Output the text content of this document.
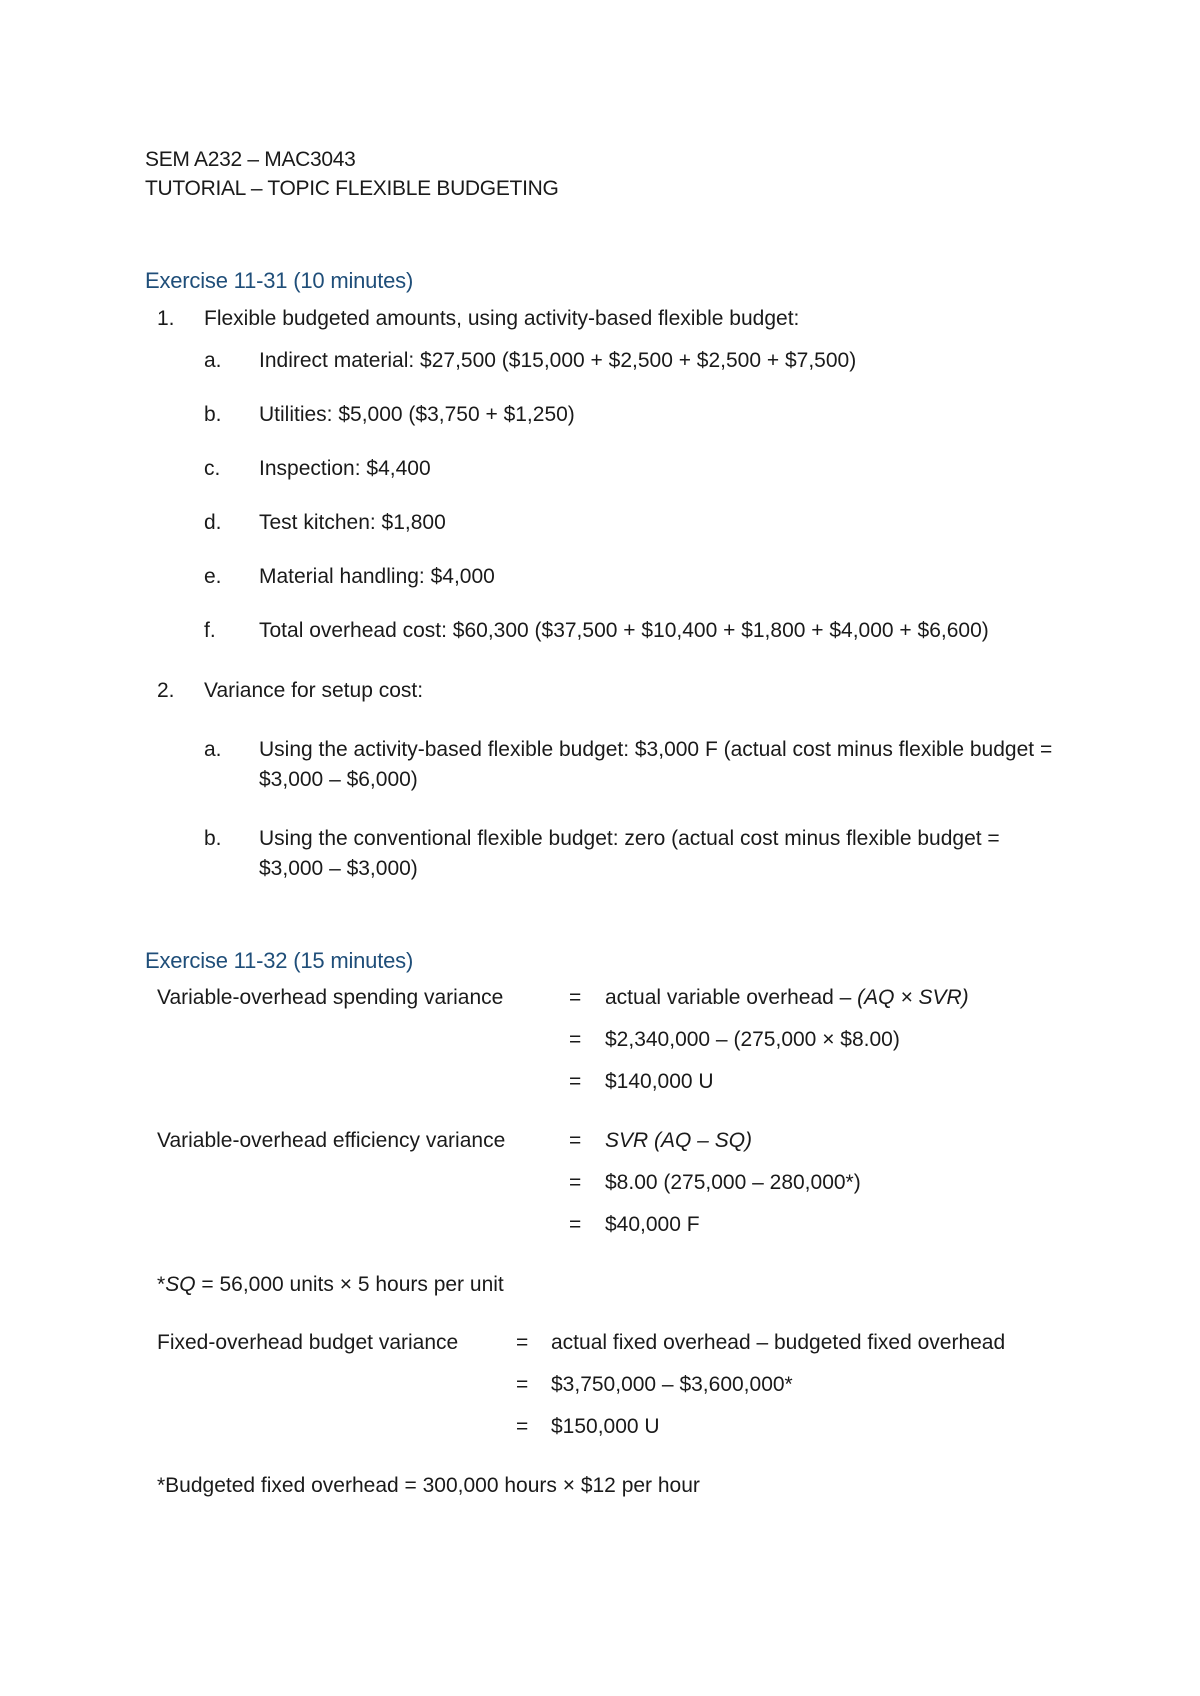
SEM A232 – MAC3043
TUTORIAL – TOPIC FLEXIBLE BUDGETING
Exercise 11-31 (10 minutes)
1. Flexible budgeted amounts, using activity-based flexible budget:
a. Indirect material: $27,500 ($15,000 + $2,500 + $2,500 + $7,500)
b. Utilities: $5,000 ($3,750 + $1,250)
c. Inspection: $4,400
d. Test kitchen: $1,800
e. Material handling: $4,000
f. Total overhead cost: $60,300 ($37,500 + $10,400 + $1,800 + $4,000 + $6,600)
2. Variance for setup cost:
a. Using the activity-based flexible budget: $3,000 F (actual cost minus flexible budget =
$3,000 – $6,000)
b. Using the conventional flexible budget: zero (actual cost minus flexible budget =
$3,000 – $3,000)
Exercise 11-32 (15 minutes)
Variable-overhead spending variance	= actual variable overhead – (AQ × SVR)
= $2,340,000 – (275,000 × $8.00)
= $140,000 U
Variable-overhead efficiency variance	= SVR (AQ – SQ)
= $8.00 (275,000 – 280,000*)
= $40,000 F
*SQ = 56,000 units × 5 hours per unit
Fixed-overhead budget variance	= actual fixed overhead – budgeted fixed overhead
= $3,750,000 – $3,600,000*
= $150,000 U
*Budgeted fixed overhead = 300,000 hours × $12 per hour
